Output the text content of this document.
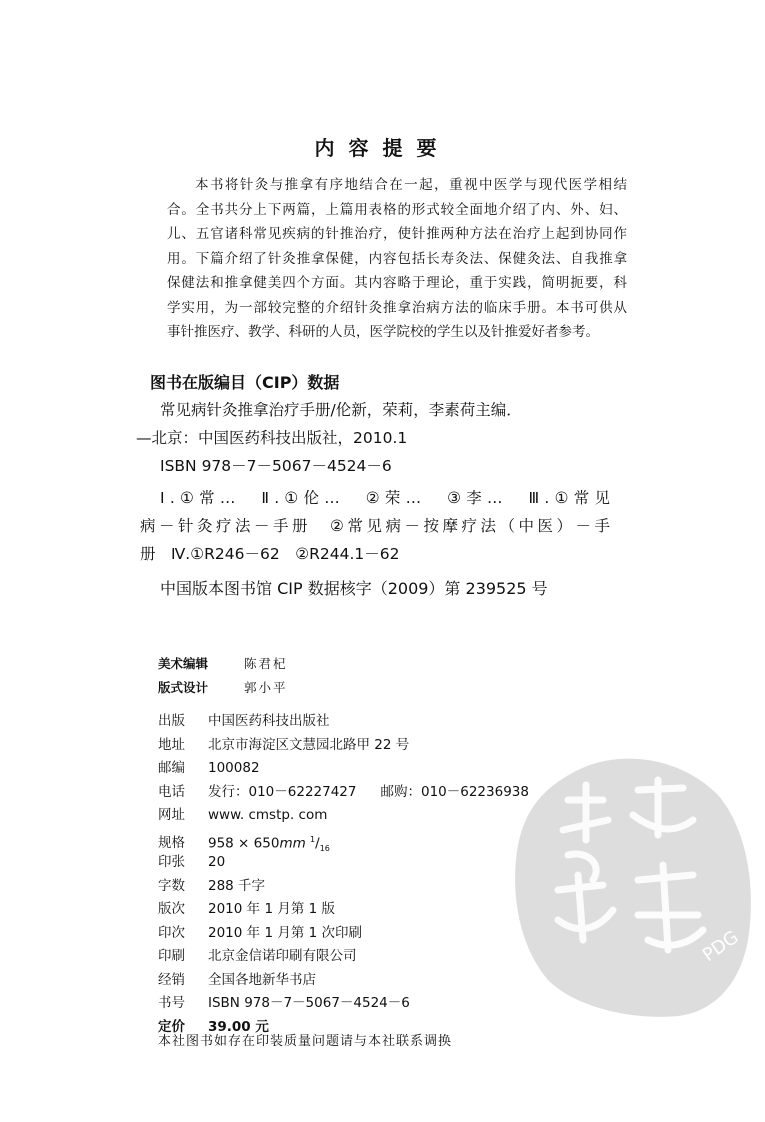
内容提要
本书将针灸与推拿有序地结合在一起，重视中医学与现代医学相结
合。全书共分上下两篇，上篇用表格的形式较全面地介绍了内、外、妇、
儿、五官诸科常见疾病的针推治疗，使针推两种方法在治疗上起到协同作
用。下篇介绍了针灸推拿保健，内容包括长寿灸法、保健灸法、自我推拿
保健法和推拿健美四个方面。其内容略于理论，重于实践，简明扼要，科
学实用，为一部较完整的介绍针灸推拿治病方法的临床手册。本书可供从
事针推医疗、教学、科研的人员，医学院校的学生以及针推爱好者参考。
图书在版编目（CIP）数据
常见病针灸推拿治疗手册/伦新，荣莉，李素荷主编．
—北京：中国医药科技出版社，2010.1
ISBN 978－7－5067－4524－6
Ⅰ.①常…　Ⅱ.①伦…　②荣…　③李…　Ⅲ.①常见
病－针灸疗法－手册　②常见病－按摩疗法（中医）－手
册　Ⅳ.①R246－62　②R244.1－62
中国版本图书馆 CIP 数据核字（2009）第 239525 号
美术编辑	陈君杞
版式设计	郭小平
出版 中国医药科技出版社
地址 北京市海淀区文慧园北路甲 22 号
邮编 100082
电话 发行：010－62227427 邮购：010－62236938
网址 www. cmstp. com
规格 958 × 650mm $^1/_{16}$
印张 20
字数 288 千字
版次 2010 年 1 月第 1 版
印次 2010 年 1 月第 1 次印刷
印刷 北京金信诺印刷有限公司
经销 全国各地新华书店
书号 ISBN 978－7－5067－4524－6
定价 39.00 元
本社图书如存在印装质量问题请与本社联系调换
PDG
